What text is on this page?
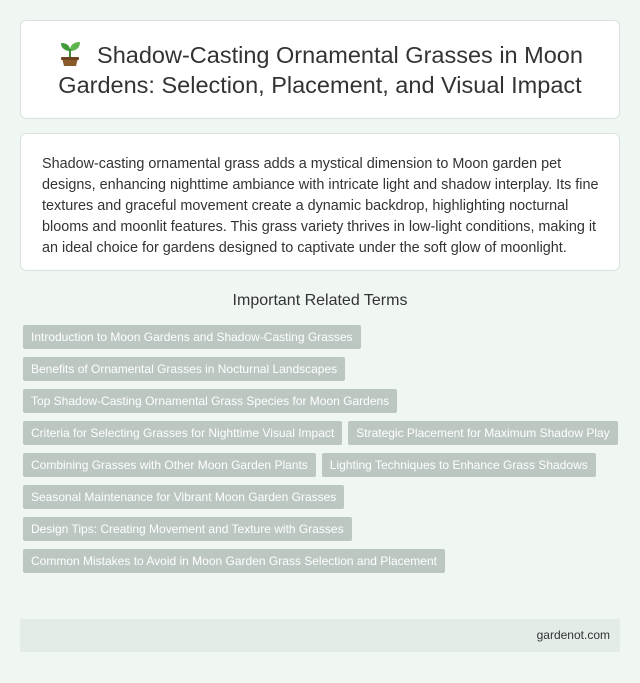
Shadow-Casting Ornamental Grasses in Moon Gardens: Selection, Placement, and Visual Impact

Shadow-casting ornamental grass adds a mystical dimension to Moon garden pet designs, enhancing nighttime ambiance with intricate light and shadow interplay. Its fine textures and graceful movement create a dynamic backdrop, highlighting nocturnal blooms and moonlit features. This grass variety thrives in low-light conditions, making it an ideal choice for gardens designed to captivate under the soft glow of moonlight.

Important Related Terms
Introduction to Moon Gardens and Shadow-Casting Grasses
Benefits of Ornamental Grasses in Nocturnal Landscapes
Top Shadow-Casting Ornamental Grass Species for Moon Gardens
Criteria for Selecting Grasses for Nighttime Visual Impact	Strategic Placement for Maximum Shadow Play
Combining Grasses with Other Moon Garden Plants	Lighting Techniques to Enhance Grass Shadows
Seasonal Maintenance for Vibrant Moon Garden Grasses
Design Tips: Creating Movement and Texture with Grasses
Common Mistakes to Avoid in Moon Garden Grass Selection and Placement
gardenot.com
